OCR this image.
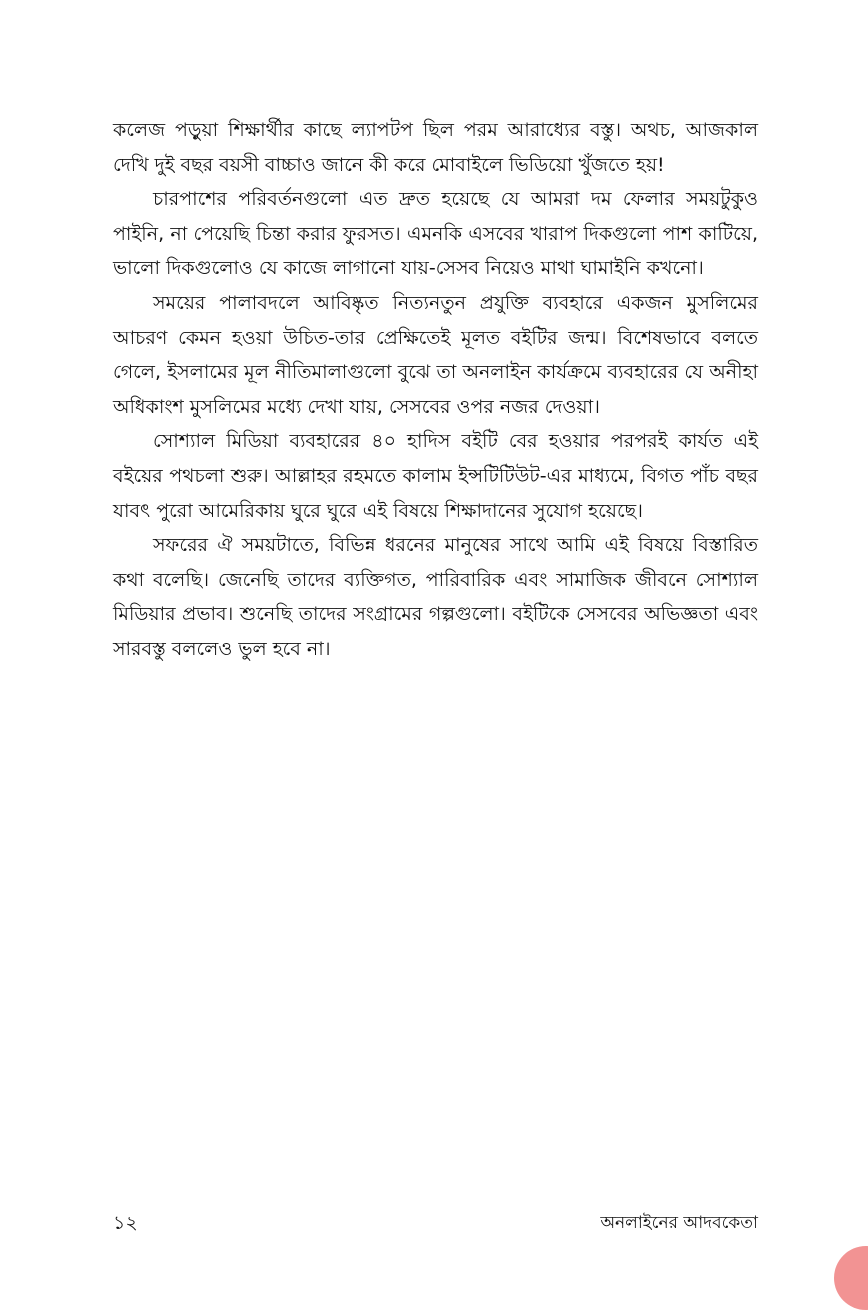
কলেজ পড়ুয়া শিক্ষার্থীর কাছে ল্যাপটপ ছিল পরম আরাধ্যের বস্তু। অথচ, আজকাল দেখি দুই বছর বয়সী বাচ্চাও জানে কী করে মোবাইলে ভিডিয়ো খুঁজতে হয়!

চারপাশের পরিবর্তনগুলো এত দ্রুত হয়েছে যে আমরা দম ফেলার সময়টুকুও পাইনি, না পেয়েছি চিন্তা করার ফুরসত। এমনকি এসবের খারাপ দিকগুলো পাশ কাটিয়ে, ভালো দিকগুলোও যে কাজে লাগানো যায়-সেসব নিয়েও মাথা ঘামাইনি কখনো।

সময়ের পালাবদলে আবিষ্কৃত নিত্যনতুন প্রযুক্তি ব্যবহারে একজন মুসলিমের আচরণ কেমন হওয়া উচিত-তার প্রেক্ষিতেই মূলত বইটির জন্ম। বিশেষভাবে বলতে গেলে, ইসলামের মূল নীতিমালাগুলো বুঝে তা অনলাইন কার্যক্রমে ব্যবহারের যে অনীহা অধিকাংশ মুসলিমের মধ্যে দেখা যায়, সেসবের ওপর নজর দেওয়া।

সোশ্যাল মিডিয়া ব্যবহারের ৪০ হাদিস বইটি বের হওয়ার পরপরই কার্যত এই বইয়ের পথচলা শুরু। আল্লাহর রহমতে কালাম ইন্সটিটিউট-এর মাধ্যমে, বিগত পাঁচ বছর যাবৎ পুরো আমেরিকায় ঘুরে ঘুরে এই বিষয়ে শিক্ষাদানের সুযোগ হয়েছে।

সফরের ঐ সময়টাতে, বিভিন্ন ধরনের মানুষের সাথে আমি এই বিষয়ে বিস্তারিত কথা বলেছি। জেনেছি তাদের ব্যক্তিগত, পারিবারিক এবং সামাজিক জীবনে সোশ্যাল মিডিয়ার প্রভাব। শুনেছি তাদের সংগ্রামের গল্পগুলো। বইটিকে সেসবের অভিজ্ঞতা এবং সারবস্তু বললেও ভুল হবে না।

১২	অনলাইনের আদবকেতা
